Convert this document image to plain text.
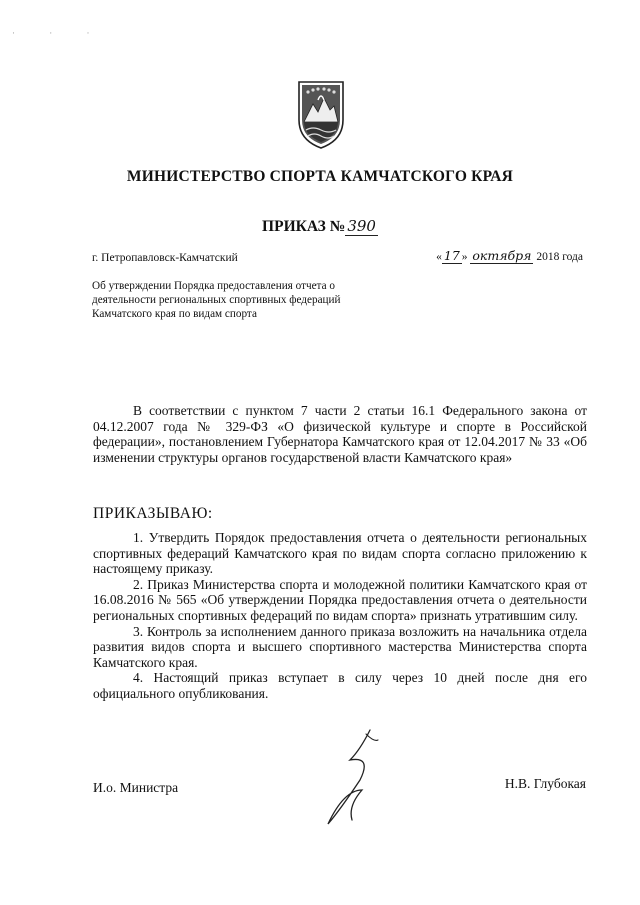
· · ·
МИНИСТЕРСТВО СПОРТА КАМЧАТСКОГО КРАЯ
ПРИКАЗ № 390
г. Петропавловск-Камчатский	« 17 » октября 2018 года
Об утверждении Порядка предоставления отчета о деятельности региональных спортивных федераций Камчатского края по видам спорта
В соответствии с пунктом 7 части 2 статьи 16.1 Федерального закона от 04.12.2007 года № 329-ФЗ «О физической культуре и спорте в Российской федерации», постановлением Губернатора Камчатского края от 12.04.2017 № 33 «Об изменении структуры органов государственой власти Камчатского края»
ПРИКАЗЫВАЮ:

1. Утвердить Порядок предоставления отчета о деятельности региональных спортивных федераций Камчатского края по видам спорта согласно приложению к настоящему приказу.

2. Приказ Министерства спорта и молодежной политики Камчатского края от 16.08.2016 № 565 «Об утверждении Порядка предоставления отчета о деятельности региональных спортивных федераций по видам спорта» признать утратившим силу.

3. Контроль за исполнением данного приказа возложить на начальника отдела развития видов спорта и высшего спортивного мастерства Министерства спорта Камчатского края.

4. Настоящий приказ вступает в силу через 10 дней после дня его официального опубликования.

И.о. Министра	Н.В. Глубокая
